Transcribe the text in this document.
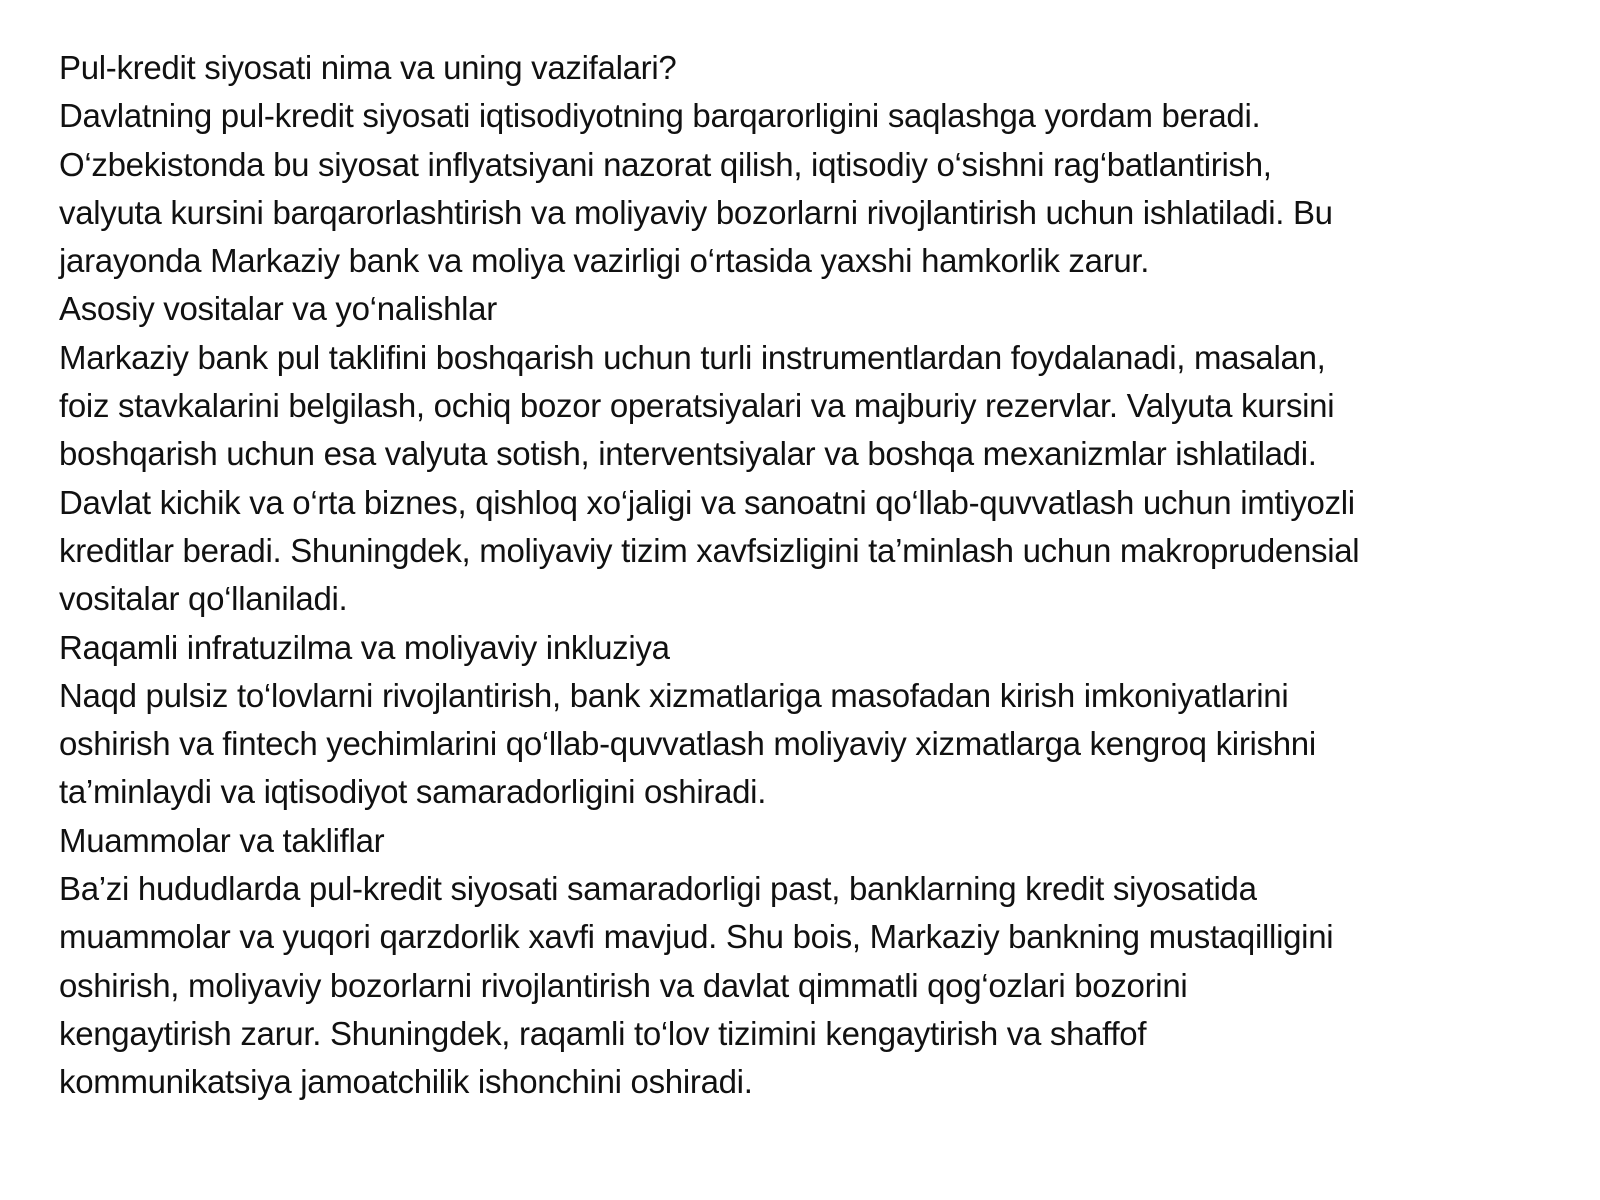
Pul-kredit siyosati nima va uning vazifalari?
Davlatning pul-kredit siyosati iqtisodiyotning barqarorligini saqlashga yordam beradi.
O‘zbekistonda bu siyosat inflyatsiyani nazorat qilish, iqtisodiy o‘sishni rag‘batlantirish,
valyuta kursini barqarorlashtirish va moliyaviy bozorlarni rivojlantirish uchun ishlatiladi. Bu
jarayonda Markaziy bank va moliya vazirligi o‘rtasida yaxshi hamkorlik zarur.
Asosiy vositalar va yo‘nalishlar
Markaziy bank pul taklifini boshqarish uchun turli instrumentlardan foydalanadi, masalan,
foiz stavkalarini belgilash, ochiq bozor operatsiyalari va majburiy rezervlar. Valyuta kursini
boshqarish uchun esa valyuta sotish, interventsiyalar va boshqa mexanizmlar ishlatiladi.
Davlat kichik va o‘rta biznes, qishloq xo‘jaligi va sanoatni qo‘llab-quvvatlash uchun imtiyozli
kreditlar beradi. Shuningdek, moliyaviy tizim xavfsizligini ta’minlash uchun makroprudensial
vositalar qo‘llaniladi.
Raqamli infratuzilma va moliyaviy inkluziya
Naqd pulsiz to‘lovlarni rivojlantirish, bank xizmatlariga masofadan kirish imkoniyatlarini
oshirish va fintech yechimlarini qo‘llab-quvvatlash moliyaviy xizmatlarga kengroq kirishni
ta’minlaydi va iqtisodiyot samaradorligini oshiradi.
Muammolar va takliflar
Ba’zi hududlarda pul-kredit siyosati samaradorligi past, banklarning kredit siyosatida
muammolar va yuqori qarzdorlik xavfi mavjud. Shu bois, Markaziy bankning mustaqilligini
oshirish, moliyaviy bozorlarni rivojlantirish va davlat qimmatli qog‘ozlari bozorini
kengaytirish zarur. Shuningdek, raqamli to‘lov tizimini kengaytirish va shaffof
kommunikatsiya jamoatchilik ishonchini oshiradi.
